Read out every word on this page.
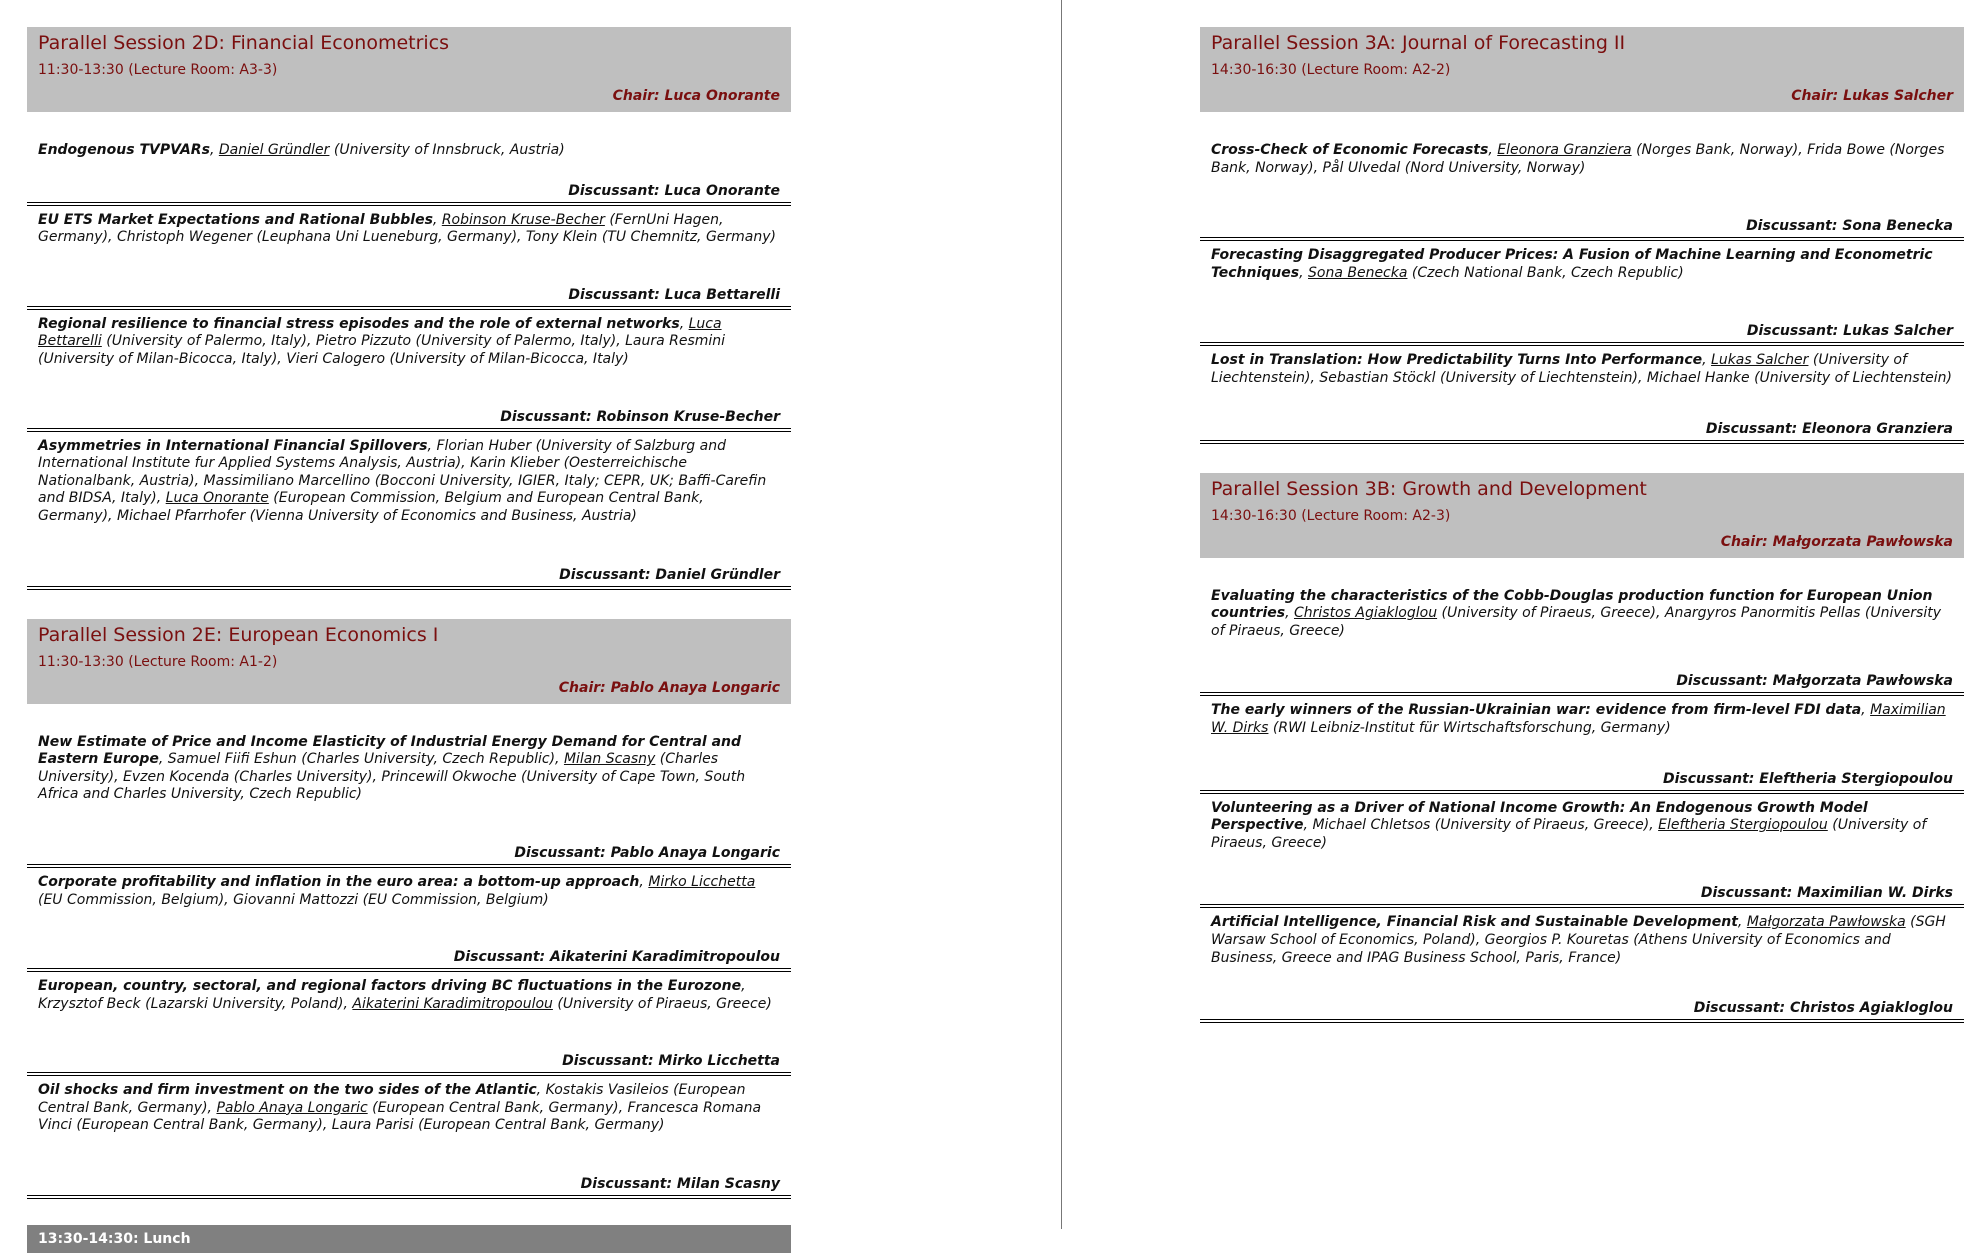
Parallel Session 2D: Financial Econometrics
11:30-13:30 (Lecture Room: A3-3)
Chair: Luca Onorante
Endogenous TVPVARs, Daniel Gründler (University of Innsbruck, Austria)
Discussant: Luca Onorante
EU ETS Market Expectations and Rational Bubbles, Robinson Kruse-Becher (FernUni Hagen, Germany), Christoph Wegener (Leuphana Uni Lueneburg, Germany), Tony Klein (TU Chemnitz, Germany)
Discussant: Luca Bettarelli
Regional resilience to financial stress episodes and the role of external networks, Luca Bettarelli (University of Palermo, Italy), Pietro Pizzuto (University of Palermo, Italy), Laura Resmini (University of Milan-Bicocca, Italy), Vieri Calogero (University of Milan-Bicocca, Italy)
Discussant: Robinson Kruse-Becher
Asymmetries in International Financial Spillovers, Florian Huber (University of Salzburg and International Institute fur Applied Systems Analysis, Austria), Karin Klieber (Oesterreichische Nationalbank, Austria), Massimiliano Marcellino (Bocconi University, IGIER, Italy; CEPR, UK; Baffi-Carefin and BIDSA, Italy), Luca Onorante (European Commission, Belgium and European Central Bank, Germany), Michael Pfarrhofer (Vienna University of Economics and Business, Austria)
Discussant: Daniel Gründler
Parallel Session 2E: European Economics I
11:30-13:30 (Lecture Room: A1-2)
Chair: Pablo Anaya Longaric
New Estimate of Price and Income Elasticity of Industrial Energy Demand for Central and Eastern Europe, Samuel Fiifi Eshun (Charles University, Czech Republic), Milan Scasny (Charles University), Evzen Kocenda (Charles University), Princewill Okwoche (University of Cape Town, South Africa and Charles University, Czech Republic)
Discussant: Pablo Anaya Longaric
Corporate profitability and inflation in the euro area: a bottom-up approach, Mirko Licchetta (EU Commission, Belgium), Giovanni Mattozzi (EU Commission, Belgium)
Discussant: Aikaterini Karadimitropoulou
European, country, sectoral, and regional factors driving BC fluctuations in the Eurozone, Krzysztof Beck (Lazarski University, Poland), Aikaterini Karadimitropoulou (University of Piraeus, Greece)
Discussant: Mirko Licchetta
Oil shocks and firm investment on the two sides of the Atlantic, Kostakis Vasileios (European Central Bank, Germany), Pablo Anaya Longaric (European Central Bank, Germany), Francesca Romana Vinci (European Central Bank, Germany), Laura Parisi (European Central Bank, Germany)
Discussant: Milan Scasny
13:30-14:30: Lunch
Parallel Session 3A: Journal of Forecasting II
14:30-16:30 (Lecture Room: A2-2)
Chair: Lukas Salcher
Cross-Check of Economic Forecasts, Eleonora Granziera (Norges Bank, Norway), Frida Bowe (Norges Bank, Norway), Pål Ulvedal (Nord University, Norway)
Discussant: Sona Benecka
Forecasting Disaggregated Producer Prices: A Fusion of Machine Learning and Econometric Techniques, Sona Benecka (Czech National Bank, Czech Republic)
Discussant: Lukas Salcher
Lost in Translation: How Predictability Turns Into Performance, Lukas Salcher (University of Liechtenstein), Sebastian Stöckl (University of Liechtenstein), Michael Hanke (University of Liechtenstein)
Discussant: Eleonora Granziera
Parallel Session 3B: Growth and Development
14:30-16:30 (Lecture Room: A2-3)
Chair: Małgorzata Pawłowska
Evaluating the characteristics of the Cobb-Douglas production function for European Union countries, Christos Agiakloglou (University of Piraeus, Greece), Anargyros Panormitis Pellas (University of Piraeus, Greece)
Discussant: Małgorzata Pawłowska
The early winners of the Russian-Ukrainian war: evidence from firm-level FDI data, Maximilian W. Dirks (RWI Leibniz-Institut für Wirtschaftsforschung, Germany)
Discussant: Eleftheria Stergiopoulou
Volunteering as a Driver of National Income Growth: An Endogenous Growth Model Perspective, Michael Chletsos (University of Piraeus, Greece), Eleftheria Stergiopoulou (University of Piraeus, Greece)
Discussant: Maximilian W. Dirks
Artificial Intelligence, Financial Risk and Sustainable Development, Małgorzata Pawłowska (SGH Warsaw School of Economics, Poland), Georgios P. Kouretas (Athens University of Economics and Business, Greece and IPAG Business School, Paris, France)
Discussant: Christos Agiakloglou
